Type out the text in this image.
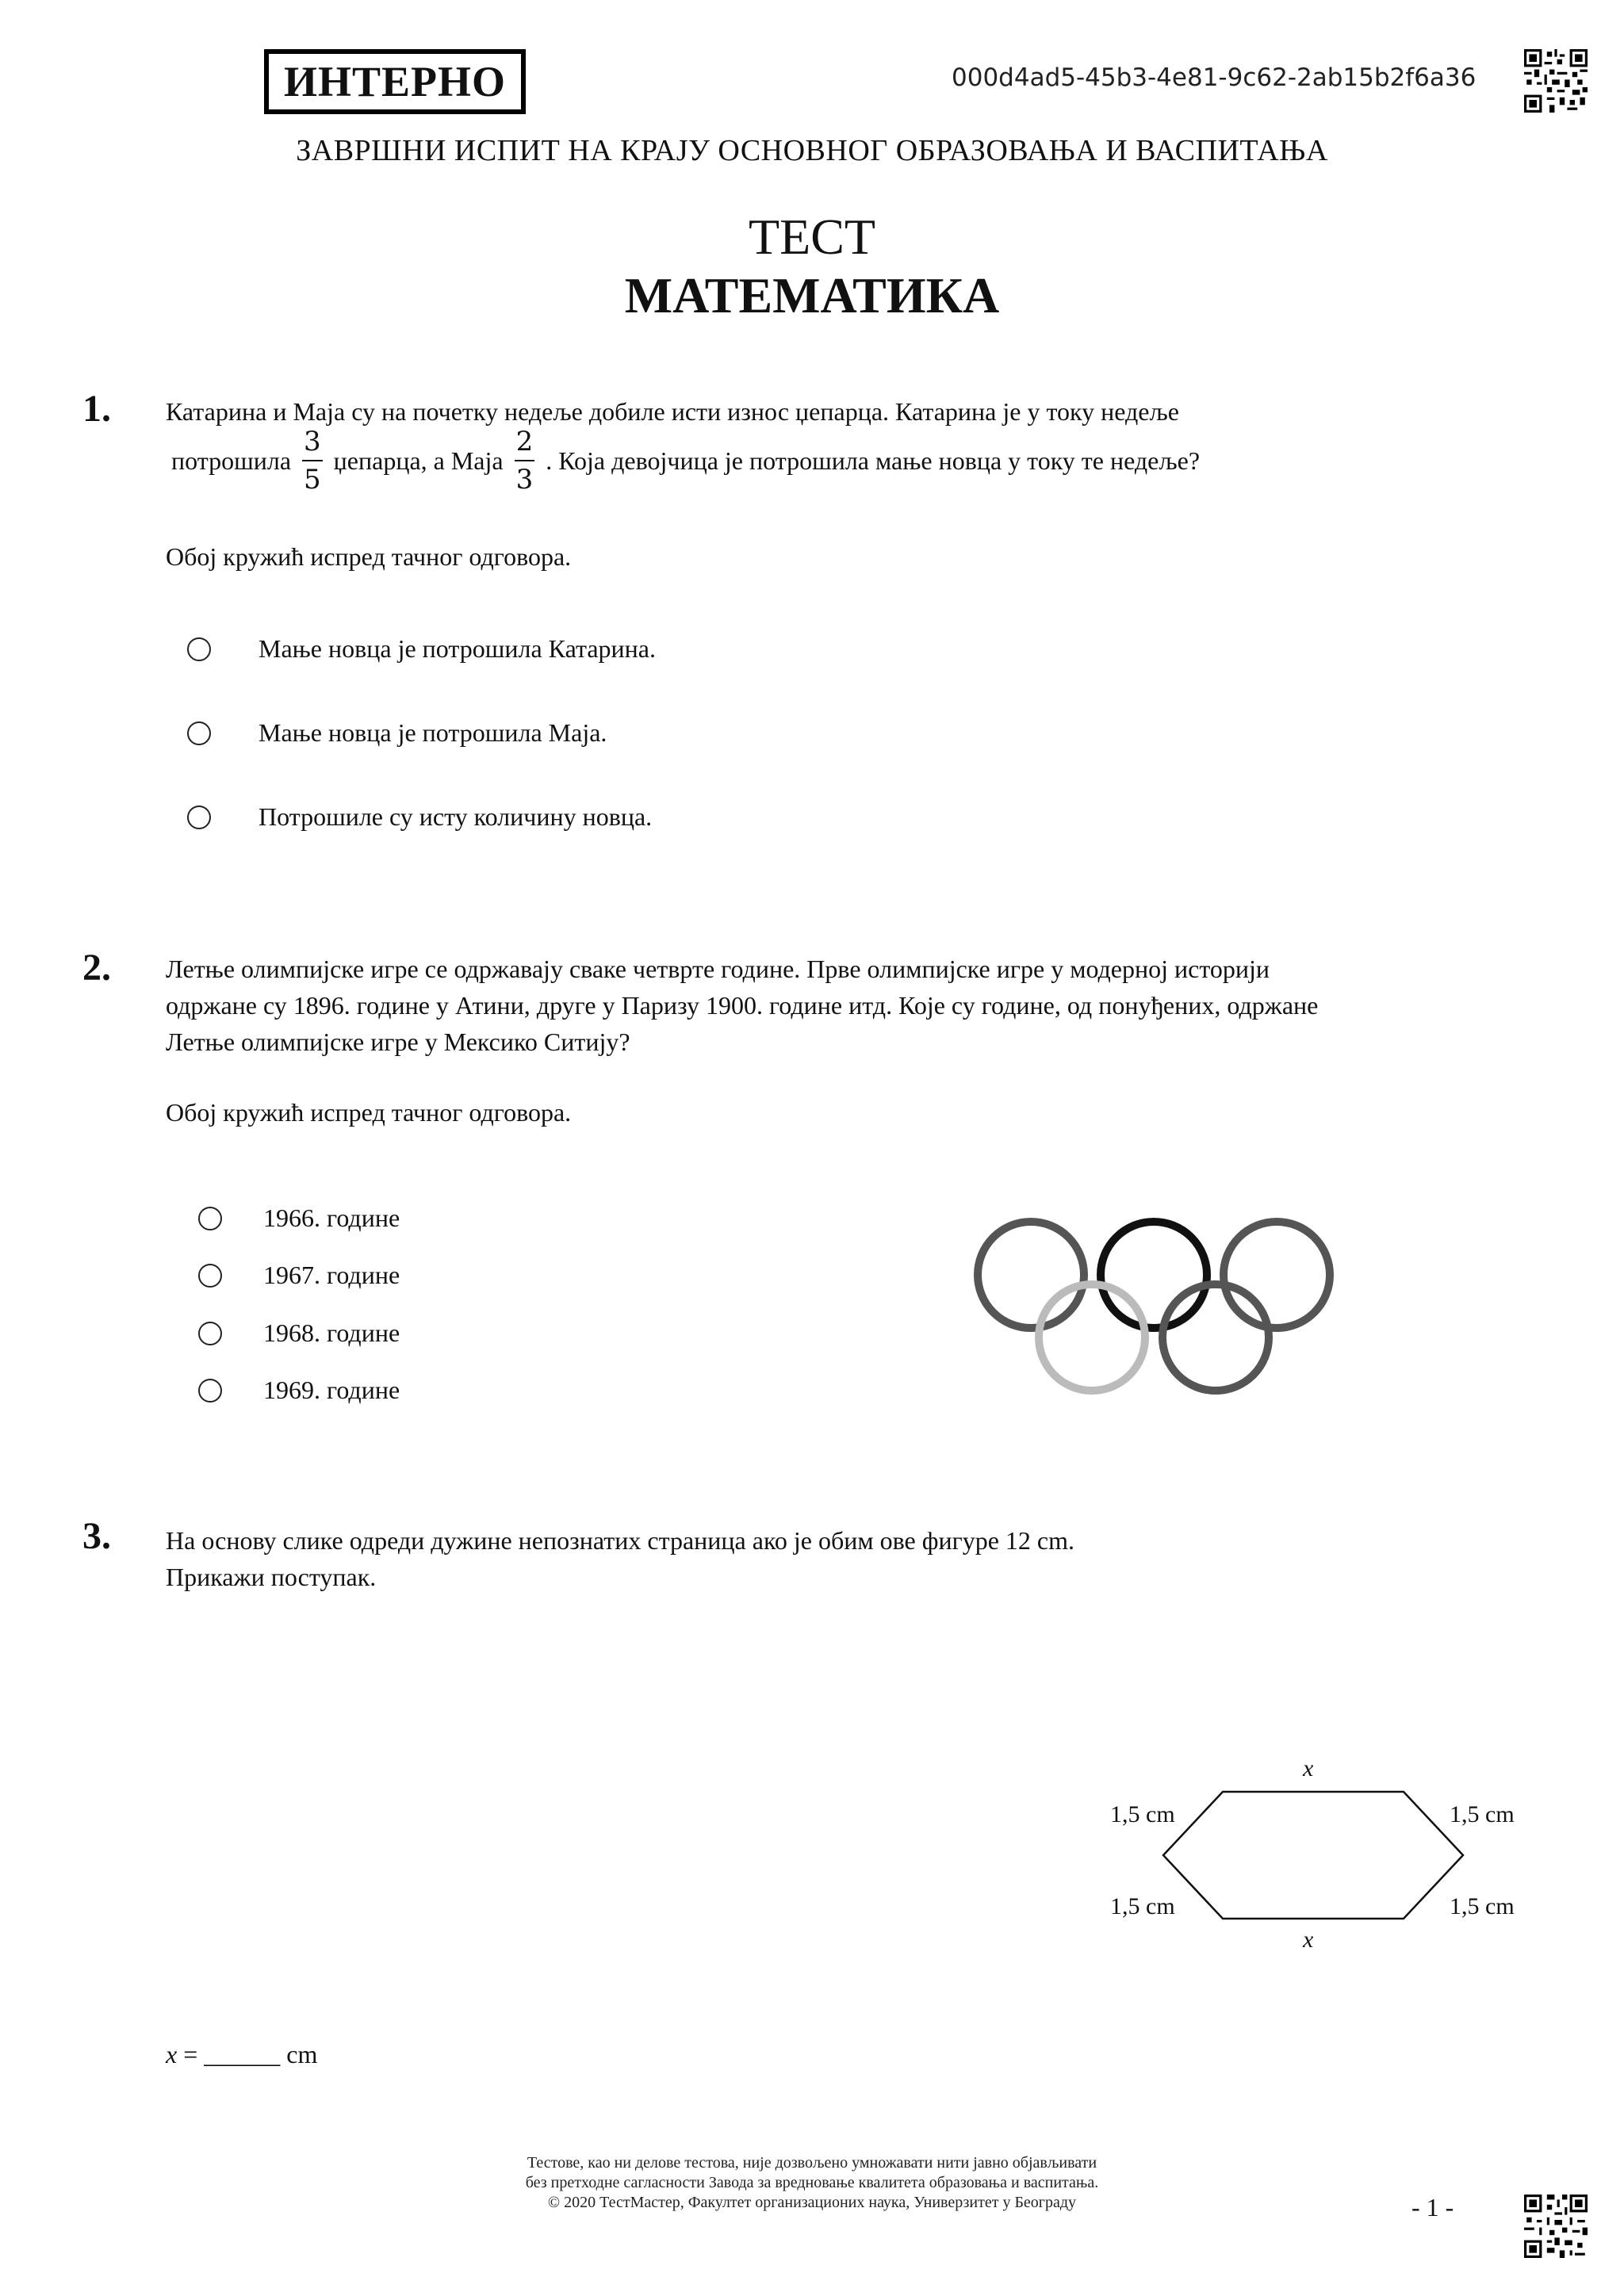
ИНТЕРНО	000d4ad5-45b3-4e81-9c62-2ab15b2f6a36
ЗАВРШНИ ИСПИТ НА КРАЈУ ОСНОВНОГ ОБРАЗОВАЊА И ВАСПИТАЊА
ТЕСТ
МАТЕМАТИКА
1. Катарина и Маја су на почетку недеље добиле исти износ џепарца. Катарина је у току недеље
потрошила $\frac{3}{5}$ џепарца, а Маја $\frac{2}{3}$ . Која девојчица је потрошила мање новца у току те недеље?
Обој кружић испред тачног одговора.
Мање новца је потрошила Катарина.
Мање новца је потрошила Маја.
Потрошиле су исту количину новца.
2. Летње олимпијске игре се одржавају сваке четврте године. Прве олимпијске игре у модерној историји
одржане су 1896. године у Атини, друге у Паризу 1900. године итд. Које су године, од понуђених, одржане
Летње олимпијске игре у Мексико Ситију?
Обој кружић испред тачног одговора.
1966. године
1967. године
1968. године
1969. године
3. На основу слике одреди дужине непознатих страница ако је обим ове фигуре 12 cm.
Прикажи поступак.
x
x
1,5 cm	1,5 cm
1,5 cm	1,5 cm
x = ______ cm
Тестове, као ни делове тестова, није дозвољено умножавати нити јавно објављивати
без претходне сагласности Завода за вредновање квалитета образовања и васпитања.
© 2020 ТестМастер, Факултет организационих наука, Универзитет у Београду	- 1 -
